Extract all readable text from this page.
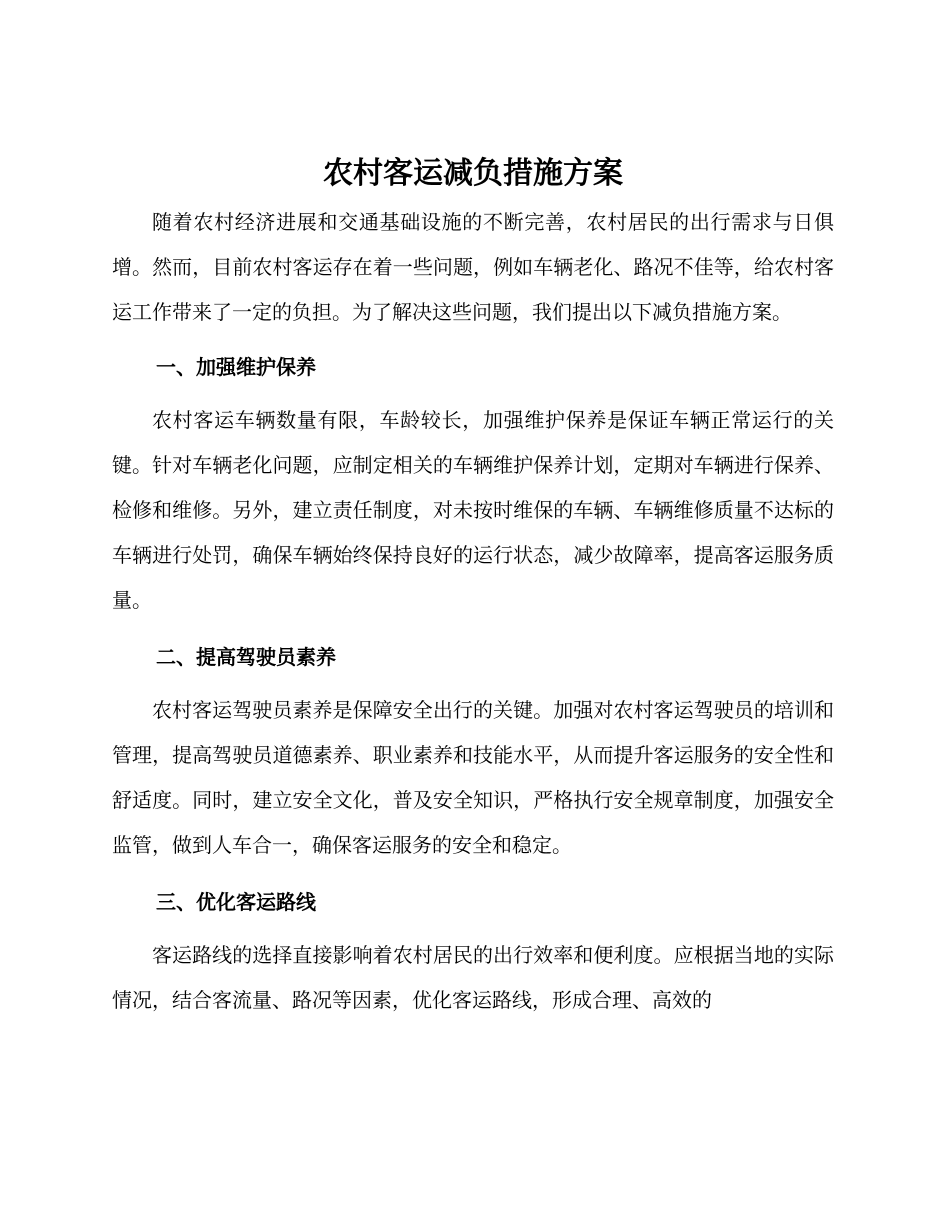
农村客运减负措施方案

随着农村经济进展和交通基础设施的不断完善，农村居民的出行需求与日俱增。然而，目前农村客运存在着一些问题，例如车辆老化、路况不佳等，给农村客运工作带来了一定的负担。为了解决这些问题，我们提出以下减负措施方案。

一、加强维护保养

农村客运车辆数量有限，车龄较长，加强维护保养是保证车辆正常运行的关键。针对车辆老化问题，应制定相关的车辆维护保养计划，定期对车辆进行保养、检修和维修。另外，建立责任制度，对未按时维保的车辆、车辆维修质量不达标的车辆进行处罚，确保车辆始终保持良好的运行状态，减少故障率，提高客运服务质量。

二、提高驾驶员素养

农村客运驾驶员素养是保障安全出行的关键。加强对农村客运驾驶员的培训和管理，提高驾驶员道德素养、职业素养和技能水平，从而提升客运服务的安全性和舒适度。同时，建立安全文化，普及安全知识，严格执行安全规章制度，加强安全监管，做到人车合一，确保客运服务的安全和稳定。

三、优化客运路线

客运路线的选择直接影响着农村居民的出行效率和便利度。应根据当地的实际情况，结合客流量、路况等因素，优化客运路线，形成合理、高效的
